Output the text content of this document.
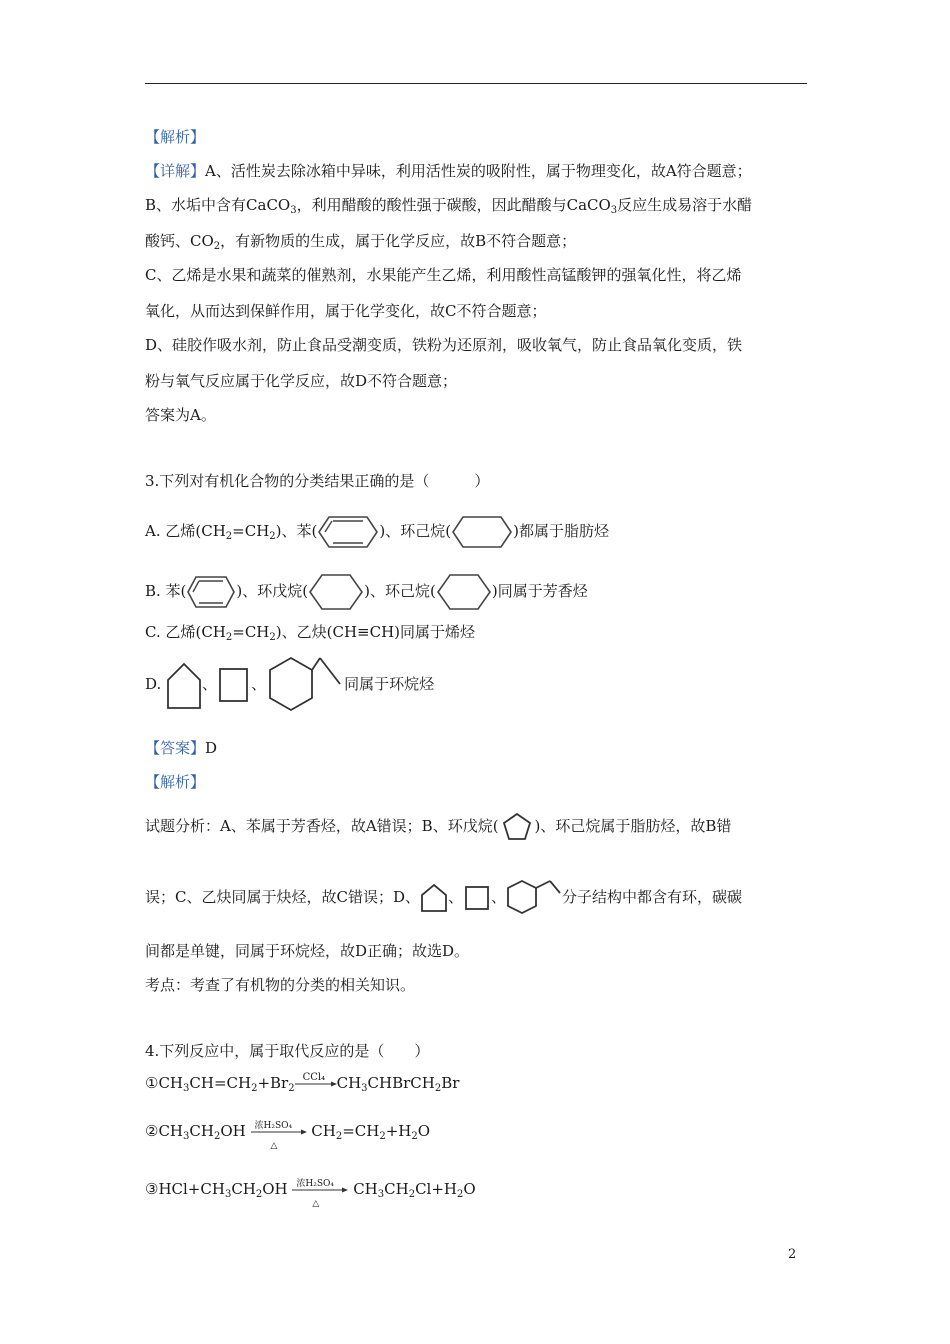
【解析】
【详解】A、活性炭去除冰箱中异味，利用活性炭的吸附性，属于物理变化，故A符合题意；
B、水垢中含有CaCO$_3$，利用醋酸的酸性强于碳酸，因此醋酸与CaCO$_3$反应生成易溶于水醋
酸钙、$CO_2$，有新物质的生成，属于化学反应，故B不符合题意；
C、乙烯是水果和蔬菜的催熟剂，水果能产生乙烯，利用酸性高锰酸钾的强氧化性，将乙烯
氧化，从而达到保鲜作用，属于化学变化，故C不符合题意；
D、硅胶作吸水剂，防止食品受潮变质，铁粉为还原剂，吸收氧气，防止食品氧化变质，铁
粉与氧气反应属于化学反应，故D不符合题意；
答案为A。
3.下列对有机化合物的分类结果正确的是（　　　）
A. 乙烯$(CH_2=CH_2)$、苯(	)、环己烷(	)都属于脂肪烃
B. 苯(	)、环戊烷(	)、环己烷(	)同属于芳香烃
C. 乙烯$(CH_2=CH_2)$、乙炔(CH≡CH)同属于烯烃
D.	、 、	同属于环烷烃
【答案】D
【解析】
试题分析：A、苯属于芳香烃，故A错误；B、环戊烷( )、环己烷属于脂肪烃，故B错
误；C、乙炔同属于炔烃，故C错误；D、 、 、	分子结构中都含有环，碳碳
间都是单键，同属于环烷烃，故D正确；故选D。
考点：考查了有机物的分类的相关知识。
4.下列反应中，属于取代反应的是（　　）
$①CH_3CH=CH_2+Br_2$
CCl₄ $CH_3CHBrCH_2Br$
$②CH_3CH_2OH$ 浓H₂SO₄
△
$CH_2=CH_2+H_2O$
$③HCl+CH_3CH_2OH$ 浓H₂SO₄
△
$CH_3CH_2Cl+H_2O$
2
